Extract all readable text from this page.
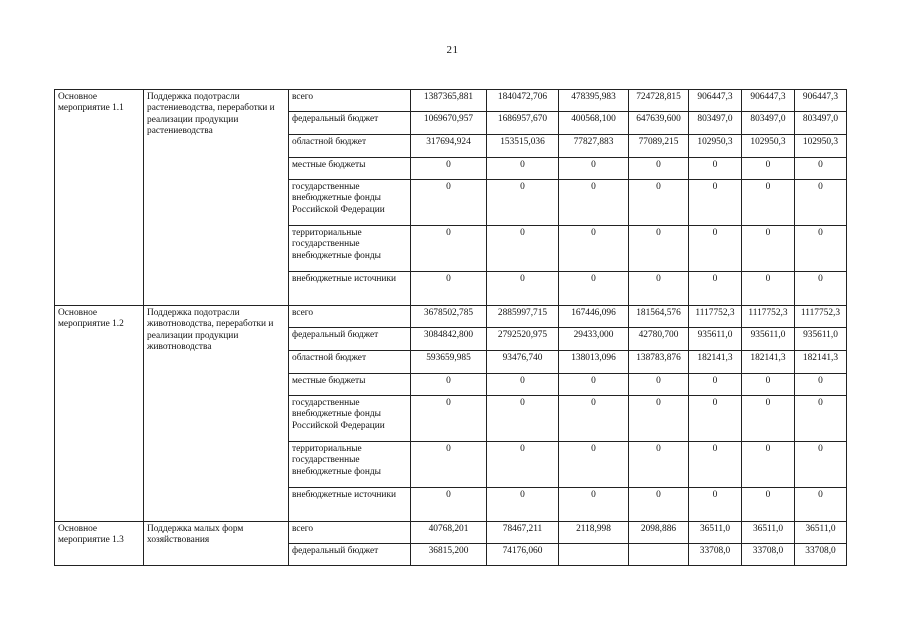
21
Основное мероприятие 1.1	Поддержка подотрасли растениеводства, переработки и реализации продукции растениеводства	всего	1387365,881	1840472,706	478395,983	724728,815	906447,3	906447,3	906447,3
		федеральный бюджет	1069670,957	1686957,670	400568,100	647639,600	803497,0	803497,0	803497,0
		областной бюджет	317694,924	153515,036	77827,883	77089,215	102950,3	102950,3	102950,3
		местные бюджеты	0	0	0	0	0	0	0
		государственные внебюджетные фонды Российской Федерации	0	0	0	0	0	0	0
		территориальные государственные внебюджетные фонды	0	0	0	0	0	0	0
		внебюджетные источники	0	0	0	0	0	0	0
Основное мероприятие 1.2	Поддержка подотрасли животноводства, переработки и реализации продукции животноводства	всего	3678502,785	2885997,715	167446,096	181564,576	1117752,3	1117752,3	1117752,3
		федеральный бюджет	3084842,800	2792520,975	29433,000	42780,700	935611,0	935611,0	935611,0
		областной бюджет	593659,985	93476,740	138013,096	138783,876	182141,3	182141,3	182141,3
		местные бюджеты	0	0	0	0	0	0	0
		государственные внебюджетные фонды Российской Федерации	0	0	0	0	0	0	0
		территориальные государственные внебюджетные фонды	0	0	0	0	0	0	0
		внебюджетные источники	0	0	0	0	0	0	0
Основное мероприятие 1.3	Поддержка малых форм хозяйствования	всего	40768,201	78467,211	2118,998	2098,886	36511,0	36511,0	36511,0
		федеральный бюджет	36815,200	74176,060			33708,0	33708,0	33708,0
